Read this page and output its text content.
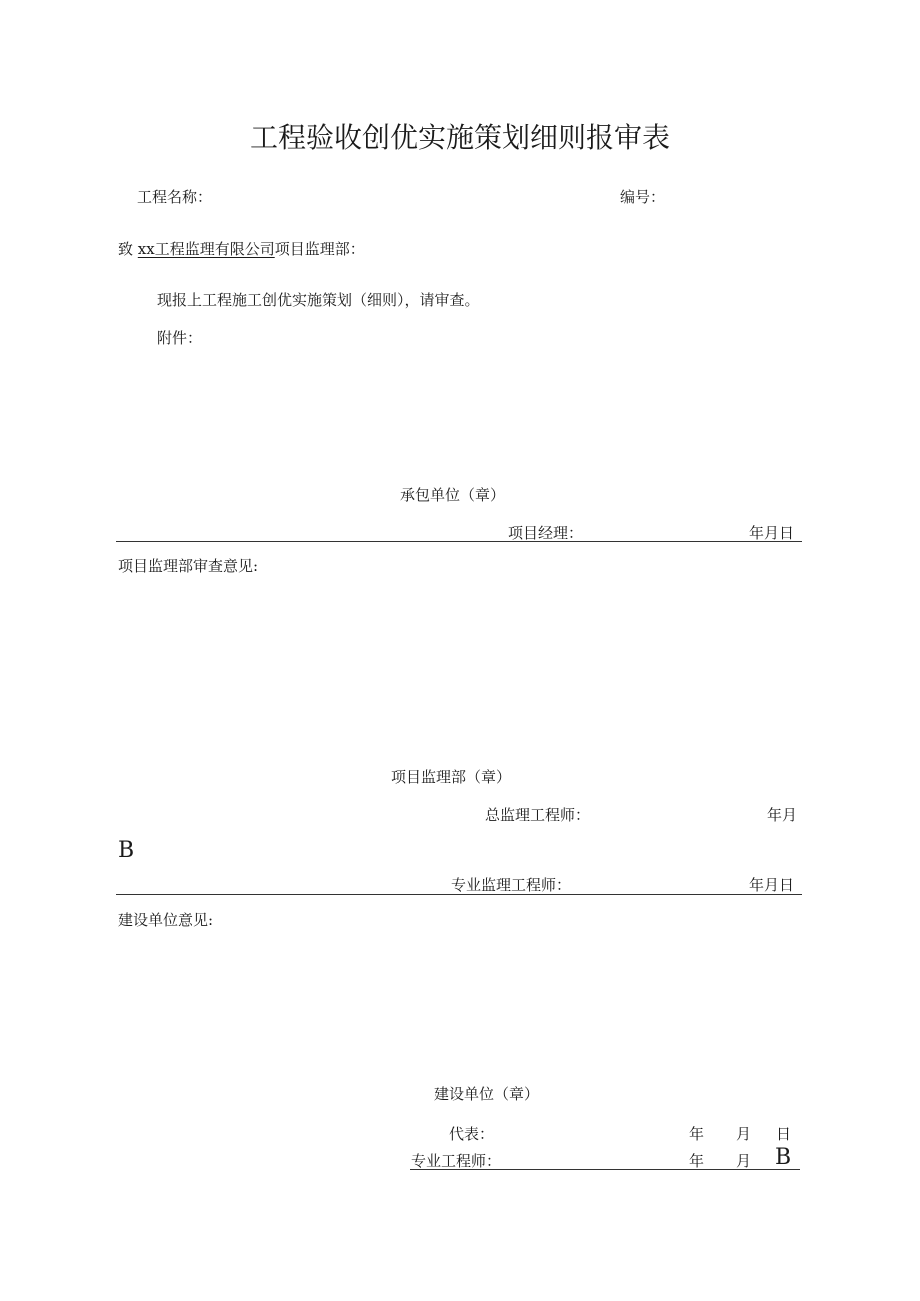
工程验收创优实施策划细则报审表
工程名称：	编号：
致 xx工程监理有限公司项目监理部：
现报上工程施工创优实施策划（细则），请审查。
附件：
承包单位（章）
项目经理：	年月日
项目监理部审查意见:
项目监理部（章）
总监理工程师：	年月
B
专业监理工程师：	年月日
建设单位意见:
建设单位（章）
代表：	年 月 日
专业工程师：	年 月 B
